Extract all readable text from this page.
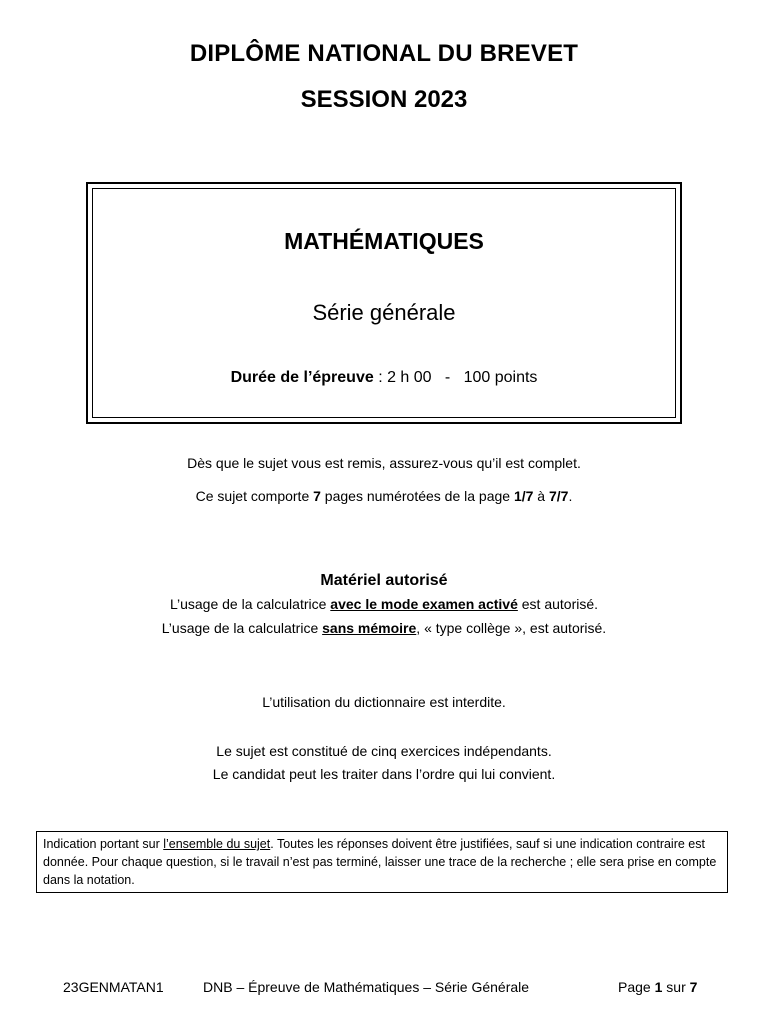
DIPLÔME NATIONAL DU BREVET
SESSION 2023
MATHÉMATIQUES
Série générale
Durée de l’épreuve : 2 h 00   -   100 points
Dès que le sujet vous est remis, assurez-vous qu’il est complet.
Ce sujet comporte 7 pages numérotées de la page 1/7 à 7/7.
Matériel autorisé
L’usage de la calculatrice avec le mode examen activé est autorisé.
L’usage de la calculatrice sans mémoire, « type collège », est autorisé.
L’utilisation du dictionnaire est interdite.
Le sujet est constitué de cinq exercices indépendants.
Le candidat peut les traiter dans l’ordre qui lui convient.
Indication portant sur l’ensemble du sujet. Toutes les réponses doivent être justifiées, sauf si une indication contraire est donnée. Pour chaque question, si le travail n’est pas terminé, laisser une trace de la recherche ; elle sera prise en compte dans la notation.
23GENMATAN1	DNB – Épreuve de Mathématiques – Série Générale	Page 1 sur 7
